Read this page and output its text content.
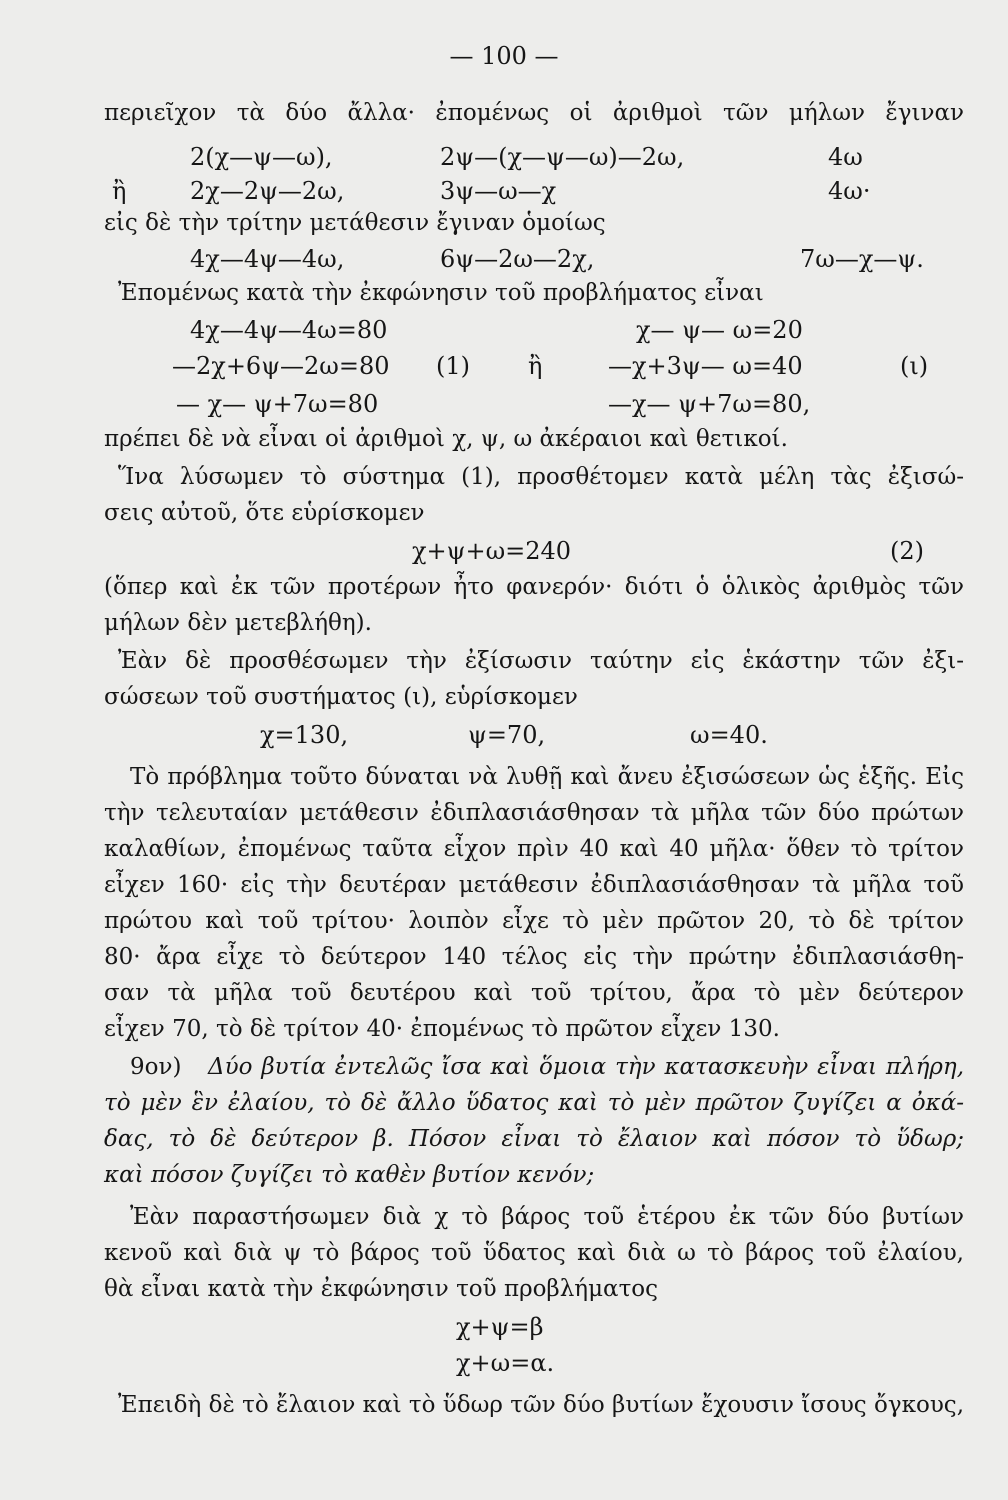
— 100 —
περιεῖχον τὰ δύο ἄλλα· ἐπομένως οἱ ἀριθμοὶ τῶν μήλων ἔγιναν
2(χ—ψ—ω),	2ψ—(χ—ψ—ω)—2ω,	4ω
ἢ	2χ—2ψ—2ω,	3ψ—ω—χ	4ω·
εἰς δὲ τὴν τρίτην μετάθεσιν ἔγιναν ὁμοίως
4χ—4ψ—4ω,	6ψ—2ω—2χ,	7ω—χ—ψ.
Ἐπομένως κατὰ τὴν ἐκφώνησιν τοῦ προβλήματος εἶναι
4χ—4ψ—4ω=80	χ— ψ— ω=20
—2χ+6ψ—2ω=80 (1) ἢ	—χ+3ψ— ω=40	(ι)
— χ— ψ+7ω=80	—χ— ψ+7ω=80,
πρέπει δὲ νὰ εἶναι οἱ ἀριθμοὶ χ, ψ, ω ἀκέραιοι καὶ θετικοί.
Ἵνα λύσωμεν τὸ σύστημα (1), προσθέτομεν κατὰ μέλη τὰς ἐξισώ-
σεις αὐτοῦ, ὅτε εὑρίσκομεν
χ+ψ+ω=240	(2)
(ὅπερ καὶ ἐκ τῶν προτέρων ἦτο φανερόν· διότι ὁ ὁλικὸς ἀριθμὸς τῶν
μήλων δὲν μετεβλήθη).
Ἐὰν δὲ προσθέσωμεν τὴν ἐξίσωσιν ταύτην εἰς ἑκάστην τῶν ἐξι-
σώσεων τοῦ συστήματος (ι), εὑρίσκομεν
χ=130,	ψ=70,	ω=40.
Τὸ πρόβλημα τοῦτο δύναται νὰ λυθῇ καὶ ἄνευ ἐξισώσεων ὡς ἑξῆς. Εἰς
τὴν τελευταίαν μετάθεσιν ἐδιπλασιάσθησαν τὰ μῆλα τῶν δύο πρώτων
καλαθίων, ἐπομένως ταῦτα εἶχον πρὶν 40 καὶ 40 μῆλα· ὅθεν τὸ τρίτον
εἶχεν 160· εἰς τὴν δευτέραν μετάθεσιν ἐδιπλασιάσθησαν τὰ μῆλα τοῦ
πρώτου καὶ τοῦ τρίτου· λοιπὸν εἶχε τὸ μὲν πρῶτον 20, τὸ δὲ τρίτον
80· ἄρα εἶχε τὸ δεύτερον 140 τέλος εἰς τὴν πρώτην ἐδιπλασιάσθη-
σαν τὰ μῆλα τοῦ δευτέρου καὶ τοῦ τρίτου, ἄρα τὸ μὲν δεύτερον
εἶχεν 70, τὸ δὲ τρίτον 40· ἐπομένως τὸ πρῶτον εἶχεν 130.
9ον)	Δύο βυτία ἐντελῶς ἴσα καὶ ὅμοια τὴν κατασκευὴν εἶναι πλήρη,
τὸ μὲν ἓν ἐλαίου, τὸ δὲ ἄλλο ὕδατος καὶ τὸ μὲν πρῶτον ζυγίζει α ὀκά-
δας, τὸ δὲ δεύτερον β. Πόσον εἶναι τὸ ἔλαιον καὶ πόσον τὸ ὕδωρ;
καὶ πόσον ζυγίζει τὸ καθὲν βυτίον κενόν;
Ἐὰν παραστήσωμεν διὰ χ τὸ βάρος τοῦ ἑτέρου ἐκ τῶν δύο βυτίων
κενοῦ καὶ διὰ ψ τὸ βάρος τοῦ ὕδατος καὶ διὰ ω τὸ βάρος τοῦ ἐλαίου,
θὰ εἶναι κατὰ τὴν ἐκφώνησιν τοῦ προβλήματος
χ+ψ=β
χ+ω=α.
Ἐπειδὴ δὲ τὸ ἔλαιον καὶ τὸ ὕδωρ τῶν δύο βυτίων ἔχουσιν ἴσους ὄγκους,
